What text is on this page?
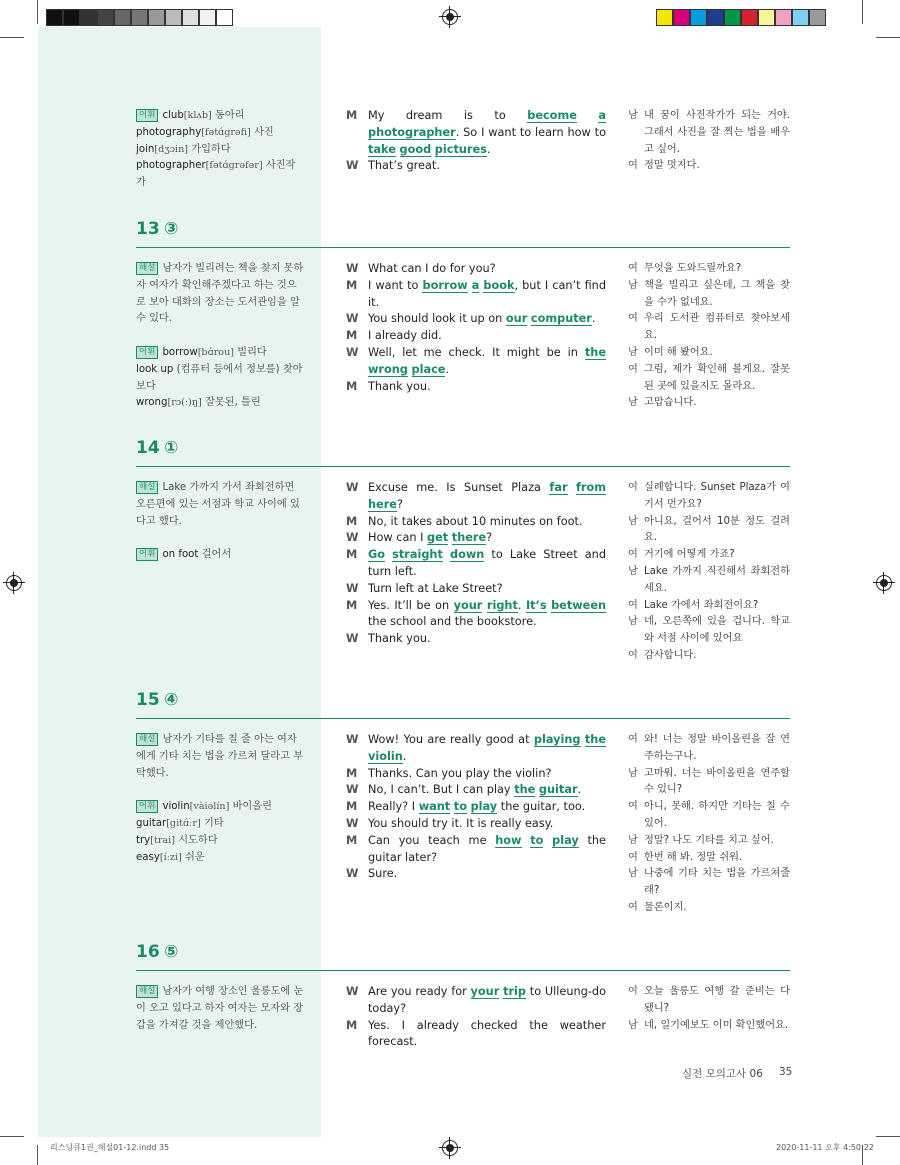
어휘 club[klʌb] 동아리

photography[fətɑ́grəfi] 사진

join[dʒɔin] 가입하다

photographer[fətɑ́grəfər] 사진작가

M My dream is to become a photographer. So I want to learn how to take good pictures.
W That’s great.
남 내 꿈이 사진작가가 되는 거야. 그래서 사진을 잘 찍는 법을 배우고 싶어.
여 정말 멋지다.
13 ③

해설 남자가 빌리려는 책을 찾지 못하자 여자가 확인해주겠다고 하는 것으로 보아 대화의 장소는 도서관임을 알 수 있다.

어휘 borrow[bɑ́rou] 빌리다

look up (컴퓨터 등에서 정보를) 찾아보다

wrong[rɔ(ː)ŋ] 잘못된, 틀린

W What can I do for you?
M I want to borrow a book, but I can’t find it.
W You should look it up on our computer.
M I already did.
W Well, let me check. It might be in the wrong place.
M Thank you.
여 무엇을 도와드릴까요?
남 책을 빌리고 싶은데, 그 책을 찾을 수가 없네요.
여 우리 도서관 컴퓨터로 찾아보세요.
남 이미 해 봤어요.
여 그럼, 제가 확인해 볼게요. 잘못된 곳에 있을지도 몰라요.
남 고맙습니다.
14 ①

해설 Lake 가까지 가서 좌회전하면 오른편에 있는 서점과 학교 사이에 있다고 했다.

어휘 on foot 걸어서

W Excuse me. Is Sunset Plaza far from here?
M No, it takes about 10 minutes on foot.
W How can I get there?
M Go straight down to Lake Street and turn left.
W Turn left at Lake Street?
M Yes. It’ll be on your right. It’s between the school and the bookstore.
W Thank you.
여 실례합니다. Sunset Plaza가 여기서 먼가요?
남 아니요, 걸어서 10분 정도 걸려요.
여 거기에 어떻게 가죠?
남 Lake 가까지 직진해서 좌회전하세요.
여 Lake 가에서 좌회전이요?
남 네, 오른쪽에 있을 겁니다. 학교와 서점 사이에 있어요
여 감사합니다.
15 ④

해설 남자가 기타를 칠 줄 아는 여자에게 기타 치는 법을 가르쳐 달라고 부탁했다.

어휘 violin[vàiəlín] 바이올린

guitar[gitɑ́ːr] 기타

try[trai] 시도하다

easy[íːzi] 쉬운

W Wow! You are really good at playing the violin.
M Thanks. Can you play the violin?
W No, I can’t. But I can play the guitar.
M Really? I want to play the guitar, too.
W You should try it. It is really easy.
M Can you teach me how to play the guitar later?
W Sure.
여 와! 너는 정말 바이올린을 잘 연주하는구나.
남 고마워. 너는 바이올린을 연주할 수 있니?
여 아니, 못해. 하지만 기타는 칠 수 있어.
남 정말? 나도 기타를 치고 싶어.
여 한번 해 봐. 정말 쉬워.
남 나중에 기타 치는 법을 가르쳐줄래?
여 물론이지.
16 ⑤

해설 남자가 여행 장소인 울릉도에 눈이 오고 있다고 하자 여자는 모자와 장갑을 가져갈 것을 제안했다.

W Are you ready for your trip to Ulleung-do today?
M Yes. I already checked the weather forecast.
여 오늘 울릉도 여행 갈 준비는 다 됐니?
남 네, 일기예보도 이미 확인했어요.
실전 모의고사 06 35
리스닝큐1권_해설01-12.indd 35	2020-11-11 오후 4:50:22
